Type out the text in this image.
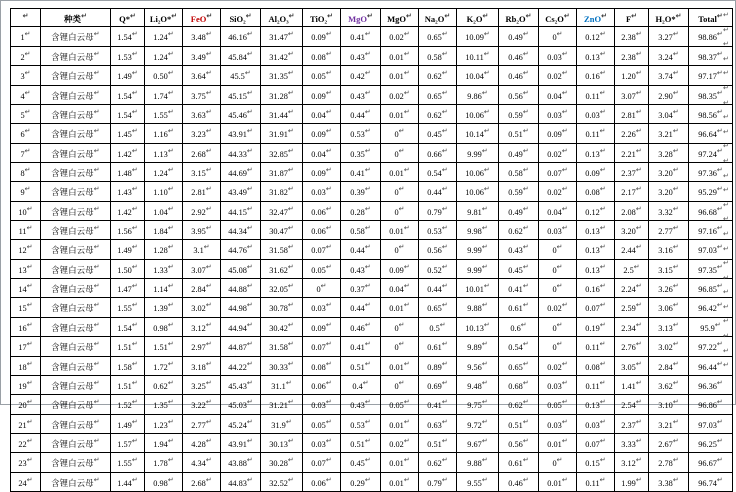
↵	种类↵	Q*↵	Li₂O*↵	FeO↵	SiO₂↵	Al₂O₃↵	TiO₂↵	MgO↵	MgO↵	Na₂O↵	K₂O↵	Rb₂O↵	Cs₂O↵	ZnO↵	F↵	H₂O*↵	Total↵
1↵	含锂白云母↵	1.54↵	1.24↵	3.48↵	46.16↵	31.47↵	0.09↵	0.41↵	0.02↵	0.65↵	10.09↵	0.49↵	0↵	0.12↵	2.38↵	3.27↵	98.86↵
2↵	含锂白云母↵	1.53↵	1.24↵	3.49↵	45.84↵	31.42↵	0.08↵	0.43↵	0.01↵	0.58↵	10.11↵	0.46↵	0.03↵	0.13↵	2.38↵	3.24↵	98.37↵
3↵	含锂白云母↵	1.49↵	0.50↵	3.64↵	45.5↵	31.35↵	0.05↵	0.42↵	0.01↵	0.62↵	10.04↵	0.46↵	0.02↵	0.16↵	1.20↵	3.74↵	97.17↵
4↵	含锂白云母↵	1.54↵	1.74↵	3.75↵	45.15↵	31.28↵	0.09↵	0.43↵	0.02↵	0.65↵	9.86↵	0.56↵	0.04↵	0.11↵	3.07↵	2.90↵	98.35↵
5↵	含锂白云母↵	1.54↵	1.55↵	3.63↵	45.46↵	31.44↵	0.04↵	0.44↵	0.01↵	0.62↵	10.06↵	0.59↵	0.03↵	0.03↵	2.81↵	3.04↵	98.56↵
6↵	含锂白云母↵	1.45↵	1.16↵	3.23↵	43.91↵	31.91↵	0.09↵	0.53↵	0↵	0.45↵	10.14↵	0.51↵	0.09↵	0.11↵	2.26↵	3.21↵	96.64↵
7↵	含锂白云母↵	1.42↵	1.13↵	2.68↵	44.33↵	32.85↵	0.04↵	0.35↵	0↵	0.66↵	9.99↵	0.49↵	0.02↵	0.13↵	2.21↵	3.28↵	97.24↵
8↵	含锂白云母↵	1.48↵	1.24↵	3.15↵	44.69↵	31.87↵	0.09↵	0.41↵	0.01↵	0.54↵	10.06↵	0.58↵	0.07↵	0.09↵	2.37↵	3.20↵	97.36↵
9↵	含锂白云母↵	1.43↵	1.10↵	2.81↵	43.49↵	31.82↵	0.03↵	0.39↵	0↵	0.44↵	10.06↵	0.59↵	0.02↵	0.08↵	2.17↵	3.20↵	95.29↵
10↵	含锂白云母↵	1.42↵	1.04↵	2.92↵	44.15↵	32.47↵	0.06↵	0.28↵	0↵	0.79↵	9.81↵	0.49↵	0.04↵	0.12↵	2.08↵	3.32↵	96.68↵
11↵	含锂白云母↵	1.56↵	1.84↵	3.95↵	44.34↵	30.47↵	0.06↵	0.58↵	0.01↵	0.53↵	9.98↵	0.62↵	0.03↵	0.13↵	3.20↵	2.77↵	97.16↵
12↵	含锂白云母↵	1.49↵	1.28↵	3.1↵	44.76↵	31.58↵	0.07↵	0.44↵	0↵	0.56↵	9.99↵	0.43↵	0↵	0.13↵	2.44↵	3.16↵	97.03↵
13↵	含锂白云母↵	1.50↵	1.33↵	3.07↵	45.08↵	31.62↵	0.05↵	0.43↵	0.09↵	0.52↵	9.99↵	0.45↵	0↵	0.13↵	2.5↵	3.15↵	97.35↵
14↵	含锂白云母↵	1.47↵	1.14↵	2.84↵	44.88↵	32.05↵	0↵	0.37↵	0.04↵	0.44↵	10.01↵	0.41↵	0↵	0.16↵	2.24↵	3.26↵	96.85↵
15↵	含锂白云母↵	1.55↵	1.39↵	3.02↵	44.98↵	30.78↵	0.03↵	0.44↵	0.01↵	0.65↵	9.88↵	0.61↵	0.02↵	0.07↵	2.59↵	3.06↵	96.42↵
16↵	含锂白云母↵	1.54↵	0.98↵	3.12↵	44.94↵	30.42↵	0.09↵	0.46↵	0↵	0.5↵	10.13↵	0.6↵	0↵	0.19↵	2.34↵	3.13↵	95.9↵
17↵	含锂白云母↵	1.51↵	1.51↵	2.97↵	44.87↵	31.58↵	0.07↵	0.41↵	0↵	0.61↵	9.89↵	0.54↵	0↵	0.11↵	2.76↵	3.02↵	97.22↵
18↵	含锂白云母↵	1.58↵	1.72↵	3.18↵	44.22↵	30.33↵	0.08↵	0.51↵	0.01↵	0.89↵	9.56↵	0.65↵	0.02↵	0.08↵	3.05↵	2.84↵	96.44↵
19↵	含锂白云母↵	1.51↵	0.62↵	3.25↵	45.43↵	31.1↵	0.06↵	0.4↵	0↵	0.69↵	9.48↵	0.68↵	0.03↵	0.11↵	1.41↵	3.62↵	96.36↵
20↵	含锂白云母↵	1.52↵	1.35↵	3.22↵	45.03↵	31.21↵	0.03↵	0.43↵	0.05↵	0.41↵	9.75↵	0.62↵	0.05↵	0.13↵	2.54↵	3.10↵	96.86↵
21↵	含锂白云母↵	1.49↵	1.23↵	2.77↵	45.24↵	31.9↵	0.05↵	0.53↵	0.01↵	0.63↵	9.72↵	0.51↵	0.03↵	0.03↵	2.37↵	3.21↵	97.03↵
22↵	含锂白云母↵	1.57↵	1.94↵	4.28↵	43.91↵	30.13↵	0.03↵	0.51↵	0.02↵	0.51↵	9.67↵	0.56↵	0.01↵	0.07↵	3.33↵	2.67↵	96.25↵
23↵	含锂白云母↵	1.55↵	1.78↵	4.34↵	43.88↵	30.28↵	0.07↵	0.45↵	0.01↵	0.62↵	9.88↵	0.61↵	0↵	0.15↵	3.12↵	2.78↵	96.67↵
24↵	含锂白云母↵	1.44↵	0.98↵	2.68↵	44.83↵	32.52↵	0.06↵	0.29↵	0.01↵	0.79↵	9.55↵	0.46↵	0.01↵	0.11↵	1.99↵	3.38↵	96.74↵
↵
↵
↵
↵
↵
↵
↵
↵
↵
↵
↵
↵
↵
↵
↵
↵
↵
↵
↵
↵
↵
↵
↵
↵
↵
